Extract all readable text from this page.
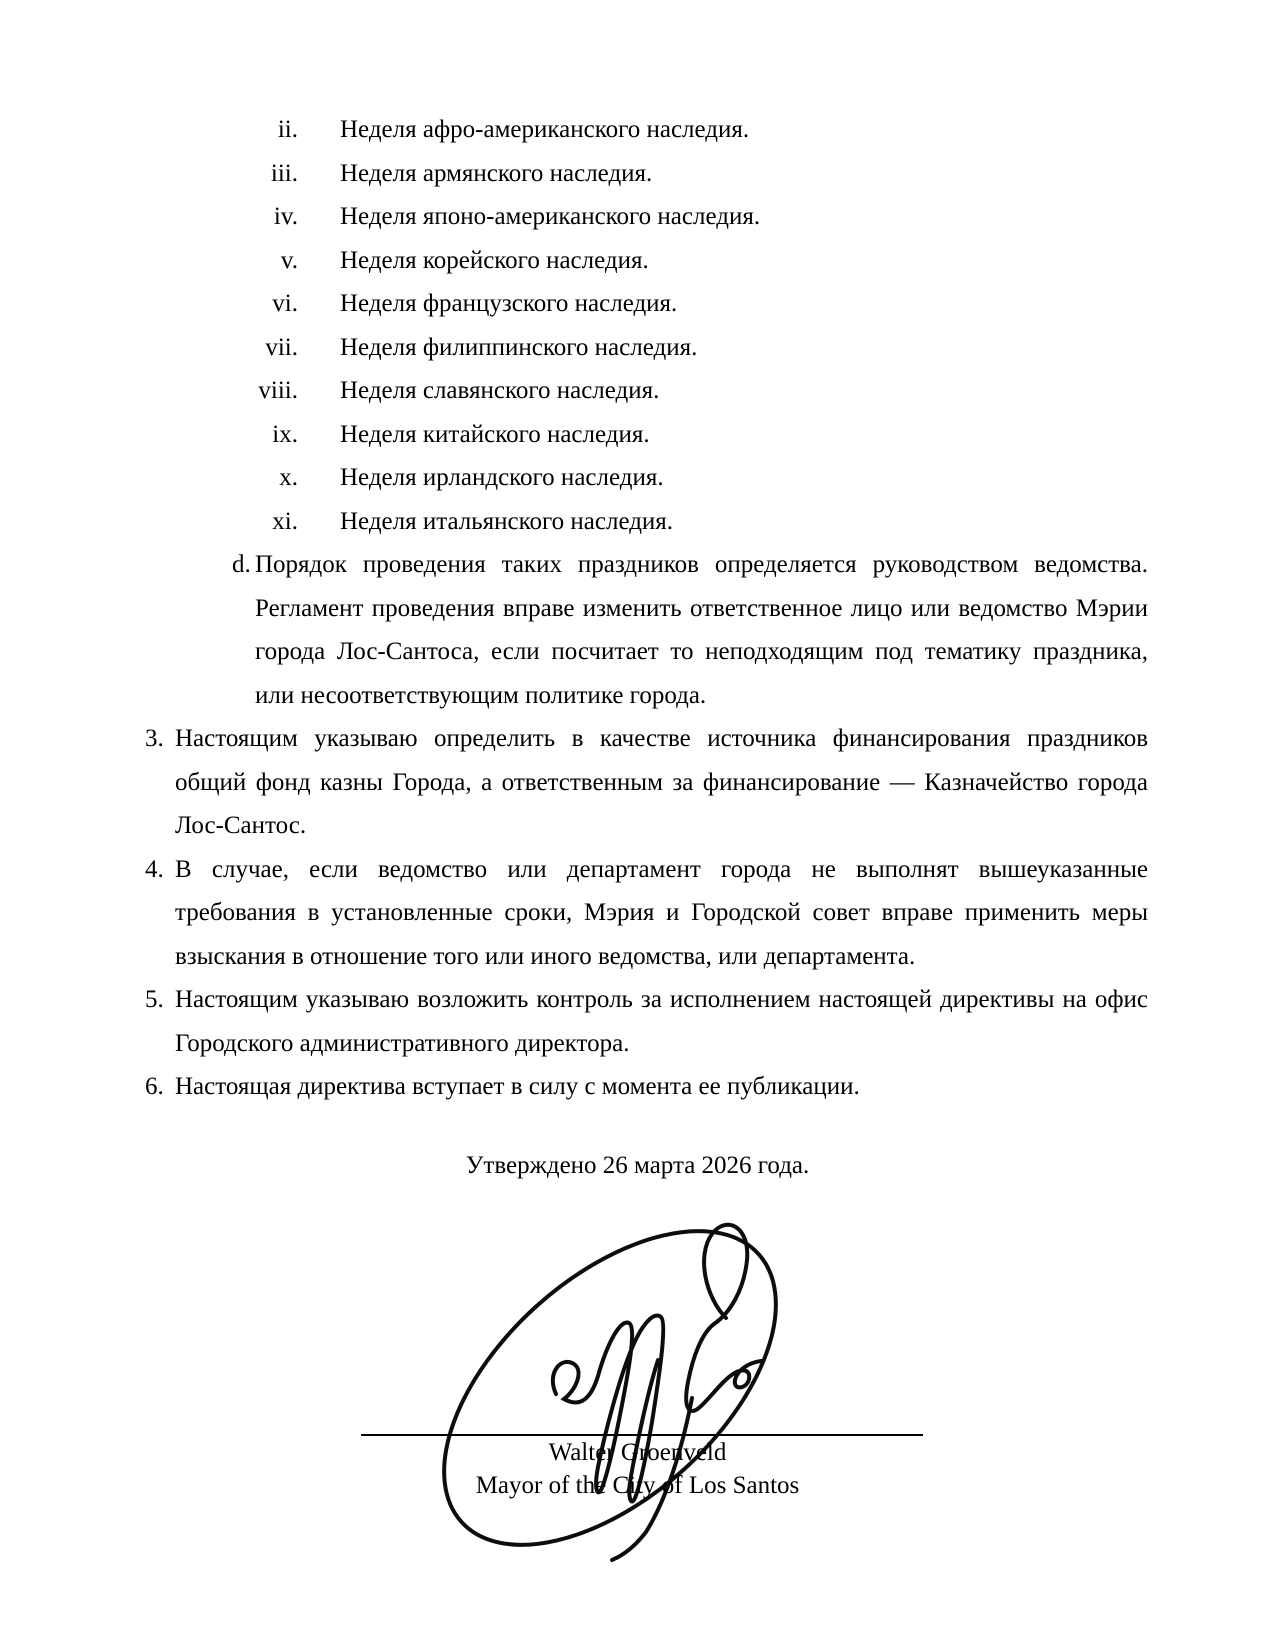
ii.	Неделя афро-американского наследия.
iii.	Неделя армянского наследия.
iv.	Неделя японо-американского наследия.
v.	Неделя корейского наследия.
vi.	Неделя французского наследия.
vii.	Неделя филиппинского наследия.
viii.	Неделя славянского наследия.
ix.	Неделя китайского наследия.
x.	Неделя ирландского наследия.
xi.	Неделя итальянского наследия.
d. Порядок проведения таких праздников определяется руководством ведомства. Регламент проведения вправе изменить ответственное лицо или ведомство Мэрии города Лос-Сантоса, если посчитает то неподходящим под тематику праздника, или несоответствующим политике города.
3. Настоящим указываю определить в качестве источника финансирования праздников общий фонд казны Города, а ответственным за финансирование — Казначейство города Лос-Сантос.
4. В случае, если ведомство или департамент города не выполнят вышеуказанные требования в установленные сроки, Мэрия и Городской совет вправе применить меры взыскания в отношение того или иного ведомства, или департамента.
5. Настоящим указываю возложить контроль за исполнением настоящей директивы на офис Городского административного директора.
6. Настоящая директива вступает в силу с момента ее публикации.
Утверждено 26 марта 2026 года.
Walter Groenveld
Mayor of the City of Los Santos
